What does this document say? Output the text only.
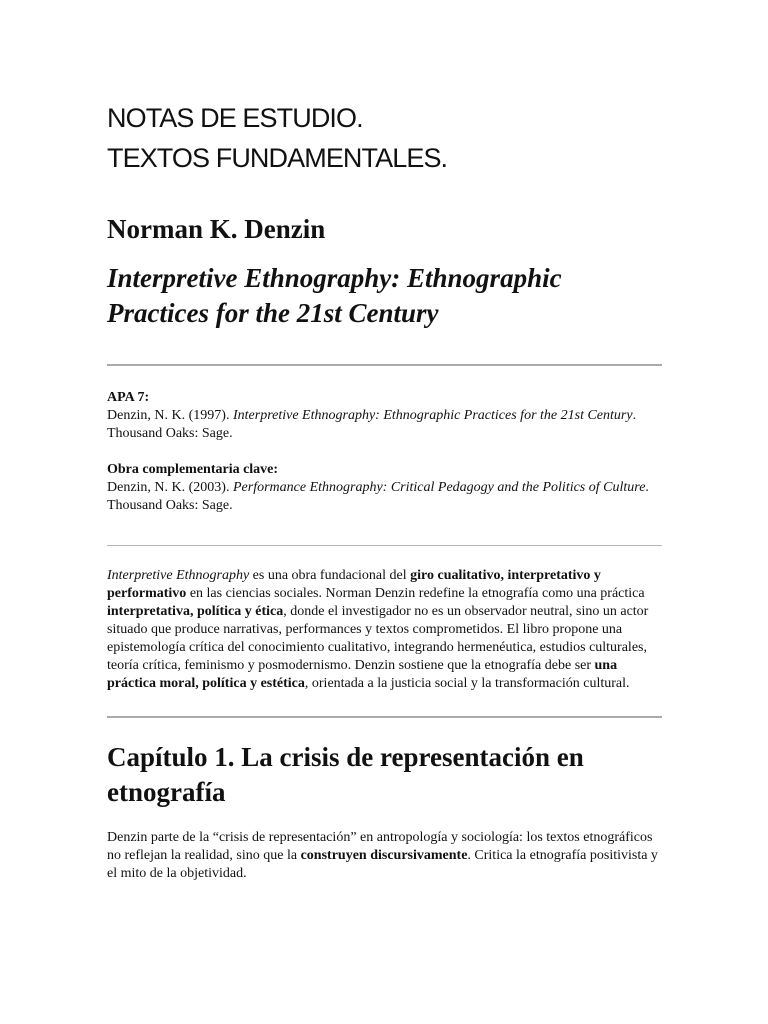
NOTAS DE ESTUDIO.
TEXTOS FUNDAMENTALES.
Norman K. Denzin
Interpretive Ethnography: Ethnographic Practices for the 21st Century
APA 7:
Denzin, N. K. (1997). Interpretive Ethnography: Ethnographic Practices for the 21st Century. Thousand Oaks: Sage.
Obra complementaria clave:
Denzin, N. K. (2003). Performance Ethnography: Critical Pedagogy and the Politics of Culture. Thousand Oaks: Sage.

Interpretive Ethnography es una obra fundacional del giro cualitativo, interpretativo y performativo en las ciencias sociales. Norman Denzin redefine la etnografía como una práctica interpretativa, política y ética, donde el investigador no es un observador neutral, sino un actor situado que produce narrativas, performances y textos comprometidos. El libro propone una epistemología crítica del conocimiento cualitativo, integrando hermenéutica, estudios culturales, teoría crítica, feminismo y posmodernismo. Denzin sostiene que la etnografía debe ser una práctica moral, política y estética, orientada a la justicia social y la transformación cultural.

Capítulo 1. La crisis de representación en etnografía

Denzin parte de la “crisis de representación” en antropología y sociología: los textos etnográficos no reflejan la realidad, sino que la construyen discursivamente. Critica la etnografía positivista y el mito de la objetividad.
